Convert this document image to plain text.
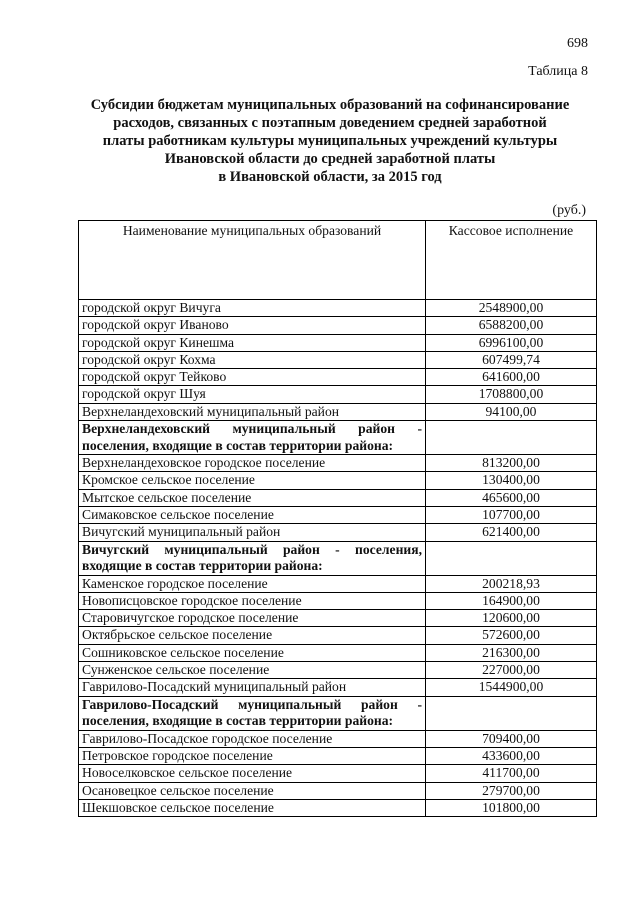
698
Таблица 8
Субсидии бюджетам муниципальных образований на софинансирование
расходов, связанных с поэтапным доведением средней заработной
платы работникам культуры муниципальных учреждений культуры
Ивановской области до средней заработной платы
в Ивановской области, за 2015 год
(руб.)
Наименование муниципальных образований	Кассовое исполнение
городской округ Вичуга	2548900,00
городской округ Иваново	6588200,00
городской округ Кинешма	6996100,00
городской округ Кохма	607499,74
городской округ Тейково	641600,00
городской округ Шуя	1708800,00
Верхнеландеховский муниципальный район	94100,00
Верхнеландеховский муниципальный район - поселения, входящие в состав территории района:	
Верхнеландеховское городское поселение	813200,00
Кромское сельское поселение	130400,00
Мытское сельское поселение	465600,00
Симаковское сельское поселение	107700,00
Вичугский муниципальный район	621400,00
Вичугский муниципальный район - поселения, входящие в состав территории района:	
Каменское городское поселение	200218,93
Новописцовское городское поселение	164900,00
Старовичугское городское поселение	120600,00
Октябрьское сельское поселение	572600,00
Сошниковское сельское поселение	216300,00
Сунженское сельское поселение	227000,00
Гаврилово-Посадский муниципальный район	1544900,00
Гаврилово-Посадский муниципальный район - поселения, входящие в состав территории района:	
Гаврилово-Посадское городское поселение	709400,00
Петровское городское поселение	433600,00
Новоселковское сельское поселение	411700,00
Осановецкое сельское поселение	279700,00
Шекшовское сельское поселение	101800,00
